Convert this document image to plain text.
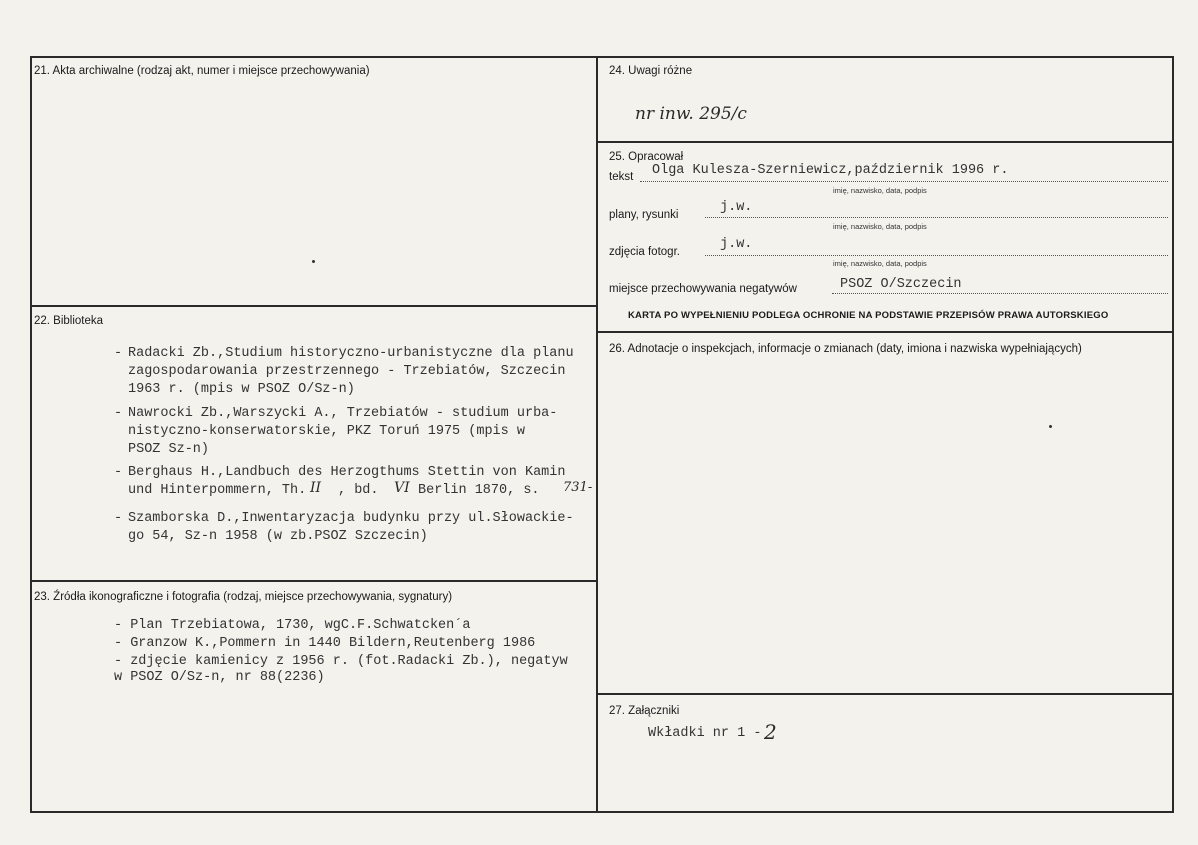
21. Akta archiwalne (rodzaj akt, numer i miejsce przechowywania)
22. Biblioteka
- Radacki Zb.,Studium historyczno-urbanistyczne dla planu
zagospodarowania przestrzennego - Trzebiatów, Szczecin
1963 r. (mpis w PSOZ O/Sz-n)
- Nawrocki Zb.,Warszycki A., Trzebiatów - studium urba-
nistyczno-konserwatorskie, PKZ Toruń 1975 (mpis w
PSOZ Sz-n)
- Berghaus H.,Landbuch des Herzogthums Stettin von Kamin
und Hinterpommern, Th. II , bd. VI Berlin 1870, s. 731-
- Szamborska D.,Inwentaryzacja budynku przy ul.Słowackie-
go 54, Sz-n 1958 (w zb.PSOZ Szczecin)
23. Źródła ikonograficzne i fotografia (rodzaj, miejsce przechowywania, sygnatury)
- Plan Trzebiatowa, 1730, wgC.F.Schwatcken´a
- Granzow K.,Pommern in 1440 Bildern,Reutenberg 1986
- zdjęcie kamienicy z 1956 r. (fot.Radacki Zb.), negatyw
w PSOZ O/Sz-n, nr 88(2236)
24. Uwagi różne
nr inw. 295/c
25. Opracował
tekst Olga Kulesza-Szerniewicz,październik 1996 r.
imię, nazwisko, data, podpis
plany, rysunki	j.w.
imię, nazwisko, data, podpis
zdjęcia fotogr.	j.w.
imię, nazwisko, data, podpis
miejsce przechowywania negatywów	PSOZ O/Szczecin
KARTA PO WYPEŁNIENIU PODLEGA OCHRONIE NA PODSTAWIE PRZEPISÓW PRAWA AUTORSKIEGO
26. Adnotacje o inspekcjach, informacje o zmianach (daty, imiona i nazwiska wypełniających)
27. Załączniki
Wkładki nr 1 - 2
